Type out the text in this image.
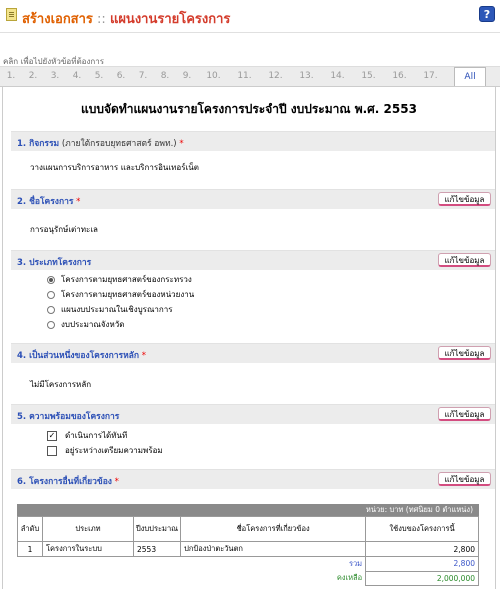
สร้างเอกสาร :: แผนงานรายโครงการ	?
คลิก เพื่อไปยังหัวข้อที่ต้องการ
1.	2.	3.	4.	5.	6.	7.	8.	9.	10.	11.	12.	13.	14.	15.	16.	17.	All
แบบจัดทำแผนงานรายโครงการประจำปี งบประมาณ พ.ศ. 2553
1. กิจกรรม (ภายใต้กรอบยุทธศาสตร์ อพท.) *
วางแผนการบริการอาหาร และบริการอินเทอร์เน็ต
2. ชื่อโครงการ *	แก้ไขข้อมูล
การอนุรักษ์เต่าทะเล
3. ประเภทโครงการ	แก้ไขข้อมูล
โครงการตามยุทธศาสตร์ของกระทรวง
โครงการตามยุทธศาสตร์ของหน่วยงาน
แผนงบประมาณในเชิงบูรณาการ
งบประมาณจังหวัด
4. เป็นส่วนหนึ่งของโครงการหลัก *	แก้ไขข้อมูล
ไม่มีโครงการหลัก
5. ความพร้อมของโครงการ	แก้ไขข้อมูล
✓ ดำเนินการได้ทันที
อยู่ระหว่างเตรียมความพร้อม
6. โครงการอื่นที่เกี่ยวข้อง *	แก้ไขข้อมูล
หน่วย: บาท (ทศนิยม 0 ตำแหน่ง)
ลำดับ	ประเภท	ปีงบประมาณ	ชื่อโครงการที่เกี่ยวข้อง	ใช้งบของโครงการนี้
1	โครงการในระบบ	2553	ปกป้องป่าตะวันตก	2,800
รวม				2,800
คงเหลือ				2,000,000
